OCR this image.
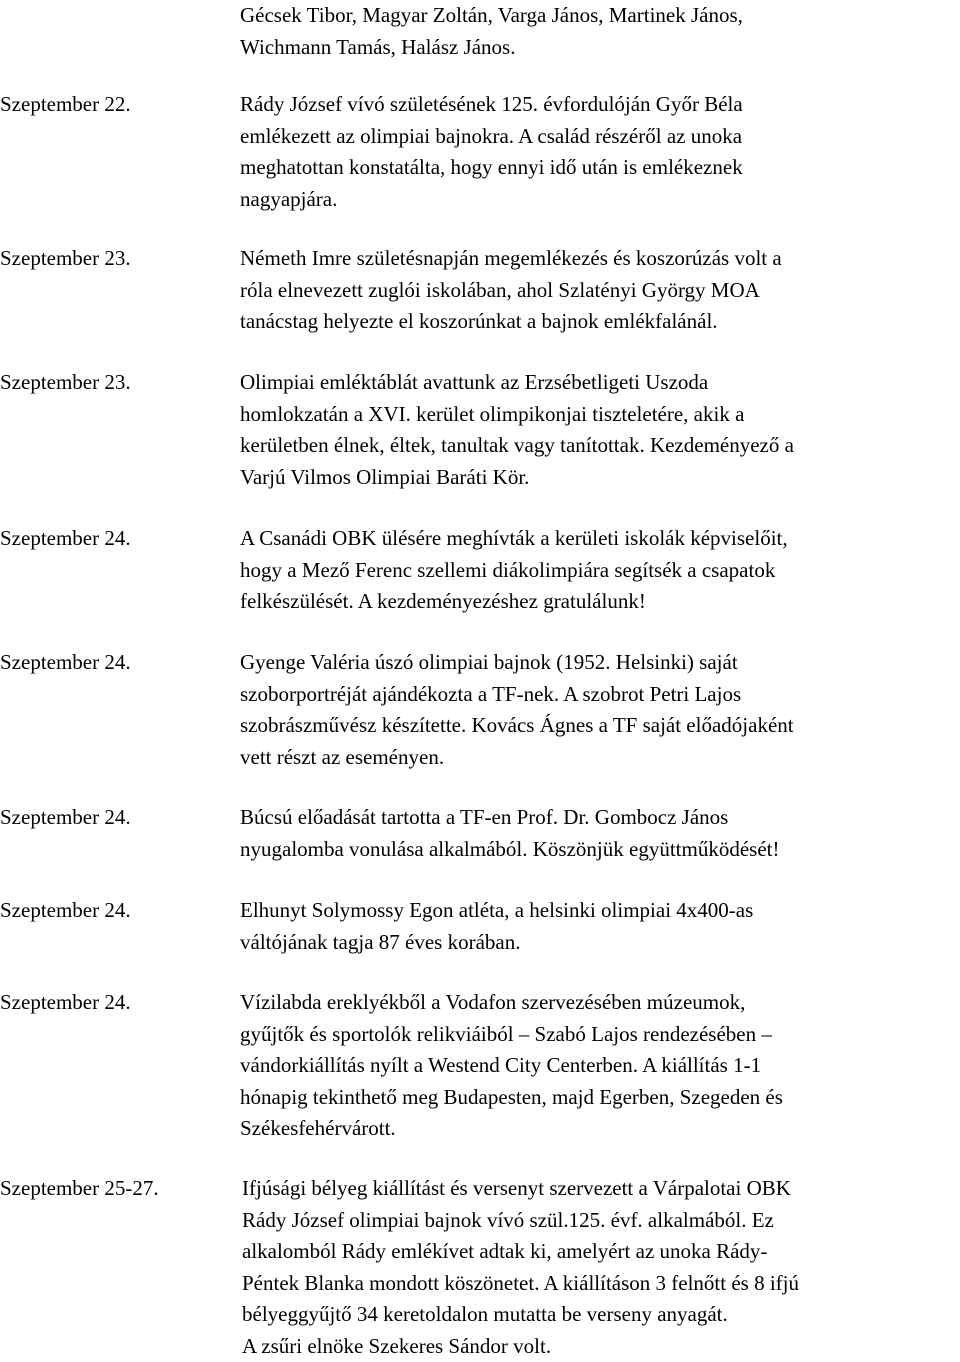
Gécsek Tibor, Magyar Zoltán, Varga János, Martinek János,
Wichmann Tamás, Halász János.
Szeptember 22.	Rády József vívó születésének 125. évfordulóján Győr Béla
emlékezett az olimpiai bajnokra. A család részéről az unoka
meghatottan konstatálta, hogy ennyi idő után is emlékeznek
nagyapjára.
Szeptember 23.	Németh Imre születésnapján megemlékezés és koszorúzás volt a
róla elnevezett zuglói iskolában, ahol Szlatényi György MOA
tanácstag helyezte el koszorúnkat a bajnok emlékfalánál.
Szeptember 23.	Olimpiai emléktáblát avattunk az Erzsébetligeti Uszoda
homlokzatán a XVI. kerület olimpikonjai tiszteletére, akik a
kerületben élnek, éltek, tanultak vagy tanítottak. Kezdeményező a
Varjú Vilmos Olimpiai Baráti Kör.
Szeptember 24.	A Csanádi OBK ülésére meghívták a kerületi iskolák képviselőit,
hogy a Mező Ferenc szellemi diákolimpiára segítsék a csapatok
felkészülését. A kezdeményezéshez gratulálunk!
Szeptember 24.	Gyenge Valéria úszó olimpiai bajnok (1952. Helsinki) saját
szoborportréját ajándékozta a TF-nek. A szobrot Petri Lajos
szobrászművész készítette. Kovács Ágnes a TF saját előadójaként
vett részt az eseményen.
Szeptember 24.	Búcsú előadását tartotta a TF-en Prof. Dr. Gombocz János
nyugalomba vonulása alkalmából. Köszönjük együttműködését!
Szeptember 24.	Elhunyt Solymossy Egon atléta, a helsinki olimpiai 4x400-as
váltójának tagja 87 éves korában.
Szeptember 24.	Vízilabda ereklyékből a Vodafon szervezésében múzeumok,
gyűjtők és sportolók relikviáiból – Szabó Lajos rendezésében –
vándorkiállítás nyílt a Westend City Centerben. A kiállítás 1-1
hónapig tekinthető meg Budapesten, majd Egerben, Szegeden és
Székesfehérvárott.
Szeptember 25-27.	Ifjúsági bélyeg kiállítást és versenyt szervezett a Várpalotai OBK
Rády József olimpiai bajnok vívó szül.125. évf. alkalmából. Ez
alkalomból Rády emlékívet adtak ki, amelyért az unoka Rády-
Péntek Blanka mondott köszönetet. A kiállításon 3 felnőtt és 8 ifjú
bélyeggyűjtő 34 keretoldalon mutatta be verseny anyagát.
A zsűri elnöke Szekeres Sándor volt.
